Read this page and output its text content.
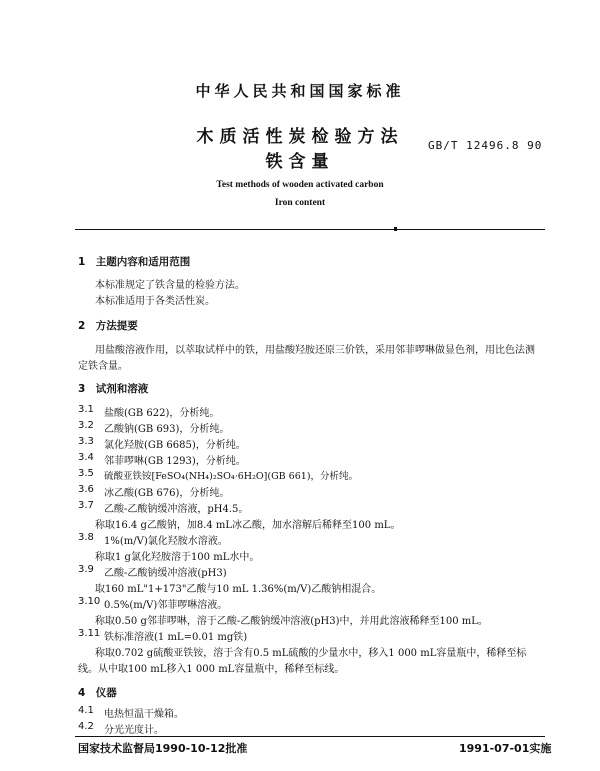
中华人民共和国国家标准
木质活性炭检验方法
铁含量
GB/T 12496.8 90
Test methods of wooden activated carbon
Iron content
1　主题内容和适用范围
本标准规定了铁含量的检验方法。
本标准适用于各类活性炭。
2　方法提要
用盐酸溶液作用，以萃取试样中的铁，用盐酸羟胺还原三价铁，采用邻菲啰啉做显色剂，用比色法测
定铁含量。
3　试剂和溶液
3.1 盐酸(GB 622)，分析纯。
3.2 乙酸钠(GB 693)，分析纯。
3.3 氯化羟胺(GB 6685)，分析纯。
3.4 邻菲啰啉(GB 1293)，分析纯。
3.5 硫酸亚铁铵[FeSO₄(NH₄)₂SO₄·6H₂O](GB 661)，分析纯。
3.6 冰乙酸(GB 676)，分析纯。
3.7 乙酸-乙酸钠缓冲溶液，pH4.5。
称取16.4 g乙酸钠，加8.4 mL冰乙酸，加水溶解后稀释至100 mL。
3.8 1%(m/V)氯化羟胺水溶液。
称取1 g氯化羟胺溶于100 mL水中。
3.9 乙酸-乙酸钠缓冲溶液(pH3)
取160 mL"1+173"乙酸与10 mL 1.36%(m/V)乙酸钠相混合。
3.10 0.5%(m/V)邻菲啰啉溶液。
称取0.50 g邻菲啰啉，溶于乙酸-乙酸钠缓冲溶液(pH3)中，并用此溶液稀释至100 mL。
3.11 铁标准溶液(1 mL=0.01 mg铁)
称取0.702 g硫酸亚铁铵，溶于含有0.5 mL硫酸的少量水中，移入1 000 mL容量瓶中，稀释至标
线。从中取100 mL移入1 000 mL容量瓶中，稀释至标线。
4　仪器
4.1 电热恒温干燥箱。
4.2 分光光度计。
国家技术监督局1990-10-12批准	1991-07-01实施
